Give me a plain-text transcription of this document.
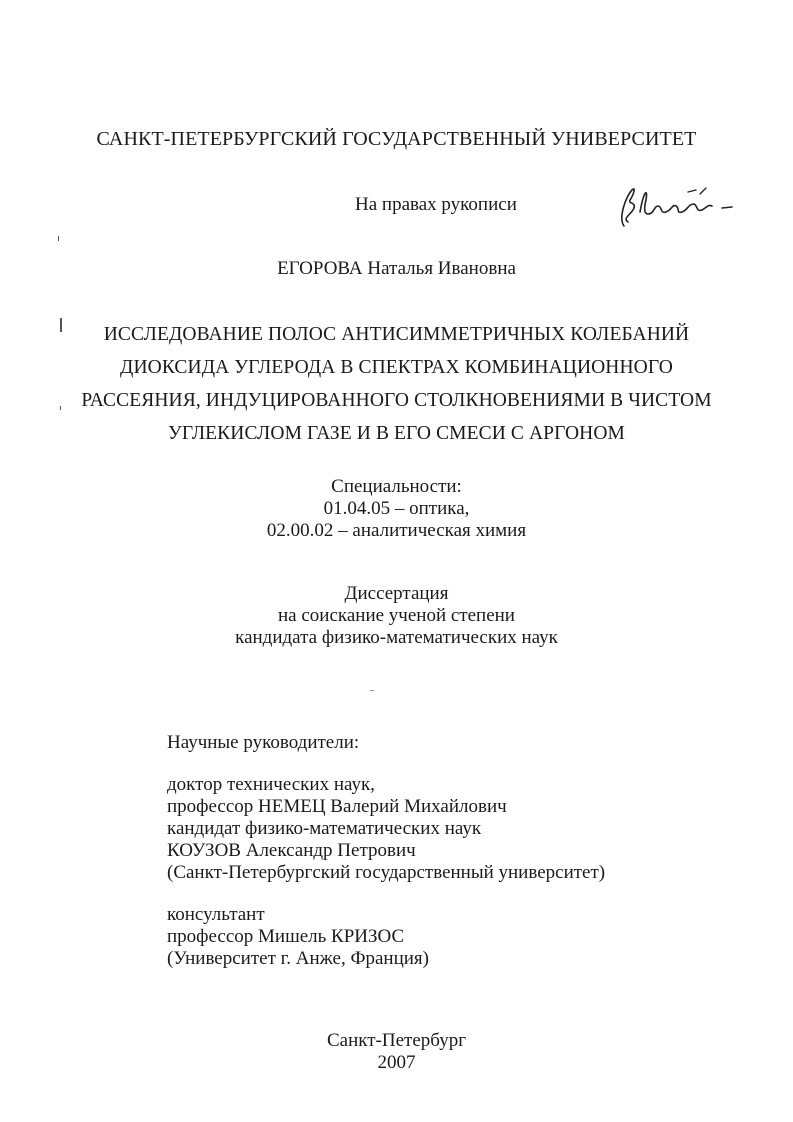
САНКТ-ПЕТЕРБУРГСКИЙ ГОСУДАРСТВЕННЫЙ УНИВЕРСИТЕТ
На правах рукописи
ЕГОРОВА Наталья Ивановна
ИССЛЕДОВАНИЕ ПОЛОС АНТИСИММЕТРИЧНЫХ КОЛЕБАНИЙ
ДИОКСИДА УГЛЕРОДА В СПЕКТРАХ КОМБИНАЦИОННОГО
РАССЕЯНИЯ, ИНДУЦИРОВАННОГО СТОЛКНОВЕНИЯМИ В ЧИСТОМ
УГЛЕКИСЛОМ ГАЗЕ И В ЕГО СМЕСИ С АРГОНОМ
Специальности:
01.04.05 – оптика,
02.00.02 – аналитическая химия
Диссертация
на соискание ученой степени
кандидата физико-математических наук
Научные руководители:
доктор технических наук,
профессор НЕМЕЦ Валерий Михайлович
кандидат физико-математических наук
КОУЗОВ Александр Петрович
(Санкт-Петербургский государственный университет)
консультант
профессор Мишель КРИЗОС
(Университет г. Анже, Франция)
Санкт-Петербург
2007
